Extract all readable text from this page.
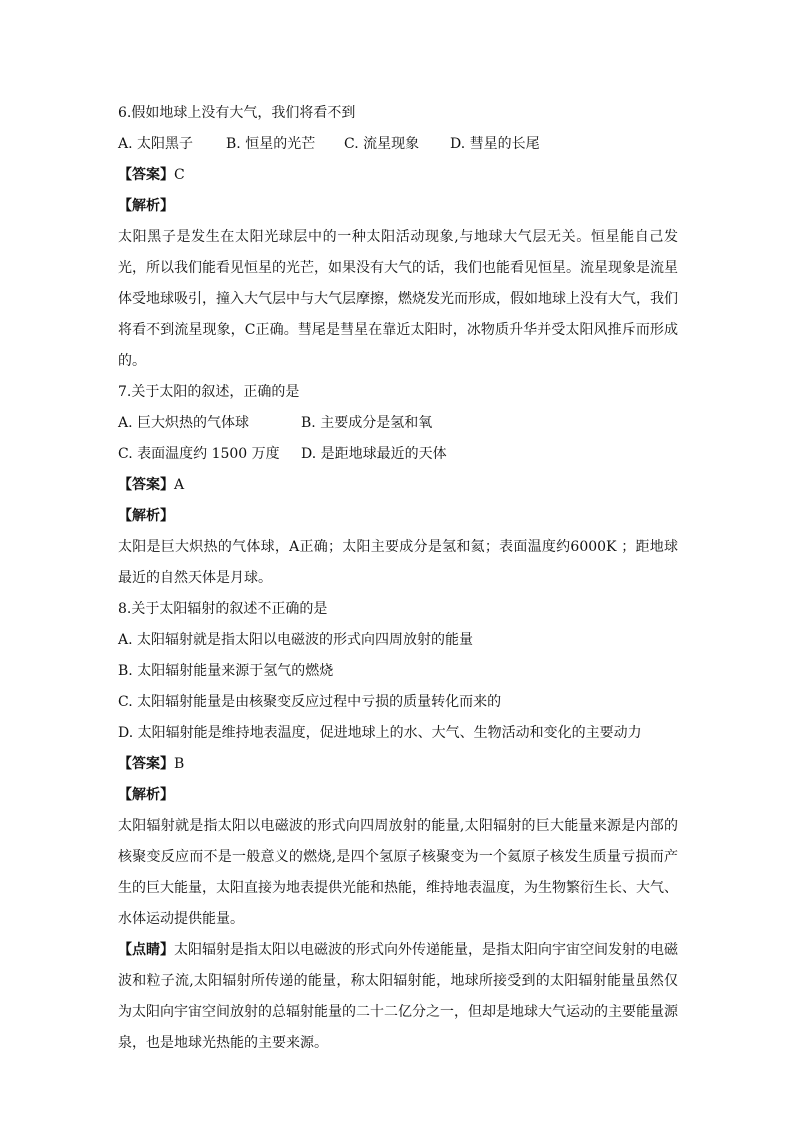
6.假如地球上没有大气，我们将看不到
A. 太阳黑子	B. 恒星的光芒	C. 流星现象	D. 彗星的长尾
【答案】C
【解析】
太阳黑子是发生在太阳光球层中的一种太阳活动现象,与地球大气层无关。恒星能自己发光，所以我们能看见恒星的光芒，如果没有大气的话，我们也能看见恒星。流星现象是流星体受地球吸引，撞入大气层中与大气层摩擦，燃烧发光而形成，假如地球上没有大气，我们将看不到流星现象，C正确。彗尾是彗星在靠近太阳时，冰物质升华并受太阳风推斥而形成的。
7.关于太阳的叙述，正确的是
A. 巨大炽热的气体球	B. 主要成分是氢和氧
C. 表面温度约 1500 万度	D. 是距地球最近的天体
【答案】A
【解析】
太阳是巨大炽热的气体球，A正确；太阳主要成分是氢和氦；表面温度约6000K ；距地球最近的自然天体是月球。
8.关于太阳辐射的叙述不正确的是
A. 太阳辐射就是指太阳以电磁波的形式向四周放射的能量
B. 太阳辐射能量来源于氢气的燃烧
C. 太阳辐射能量是由核聚变反应过程中亏损的质量转化而来的
D. 太阳辐射能是维持地表温度，促进地球上的水、大气、生物活动和变化的主要动力
【答案】B
【解析】
太阳辐射就是指太阳以电磁波的形式向四周放射的能量,太阳辐射的巨大能量来源是内部的核聚变反应而不是一般意义的燃烧,是四个氢原子核聚变为一个氦原子核发生质量亏损而产生的巨大能量，太阳直接为地表提供光能和热能，维持地表温度，为生物繁衍生长、大气、水体运动提供能量。
【点睛】太阳辐射是指太阳以电磁波的形式向外传递能量，是指太阳向宇宙空间发射的电磁波和粒子流,太阳辐射所传递的能量，称太阳辐射能，地球所接受到的太阳辐射能量虽然仅为太阳向宇宙空间放射的总辐射能量的二十二亿分之一，但却是地球大气运动的主要能量源泉，也是地球光热能的主要来源。
